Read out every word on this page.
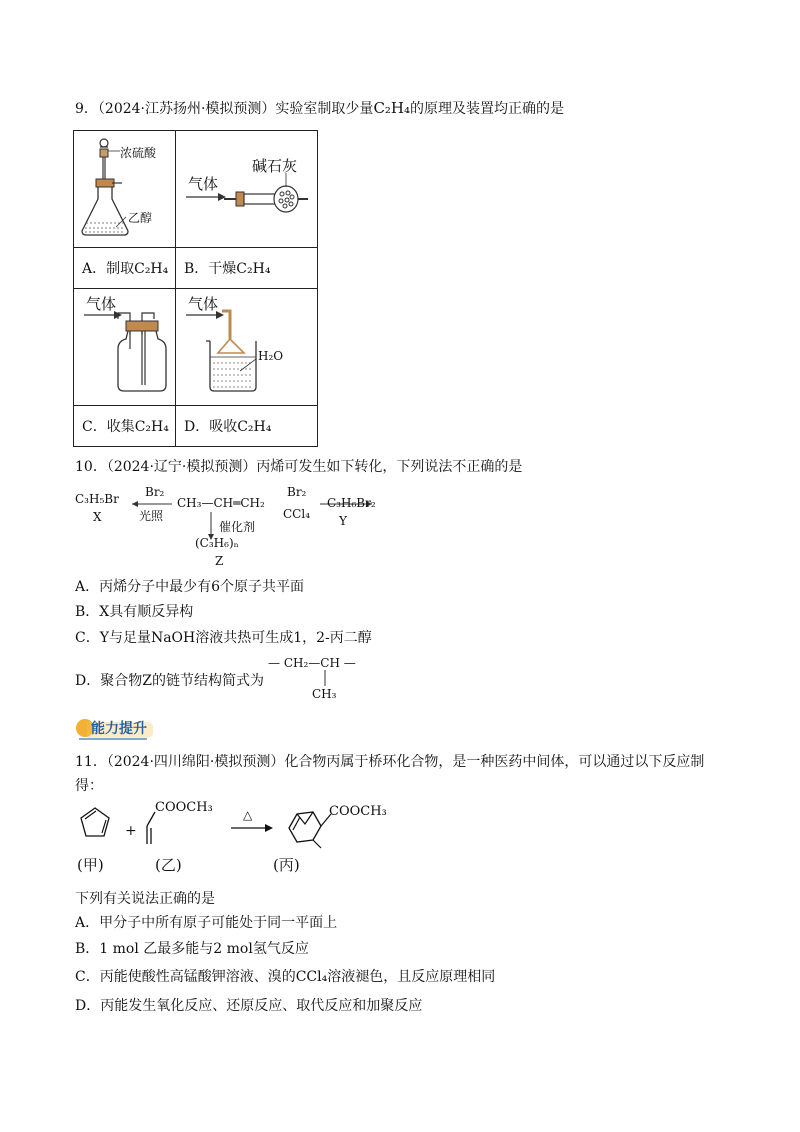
9．（2024·江苏扬州·模拟预测）实验室制取少量C₂H₄的原理及装置均正确的是
浓硫酸
乙醇	碱石灰
气体

A．制取C₂H₄	B．干燥C₂H₄

气体	气体
H₂O

C．收集C₂H₄	D．吸收C₂H₄
10．（2024·辽宁·模拟预测）丙烯可发生如下转化，下列说法不正确的是
C₃H₅Br
X
Br₂
光照
CH₃—CH═CH₂
Br₂
CCl₄
C₃H₆Br₂
Y
催化剂
(C₃H₆)ₙ
Z
A．丙烯分子中最少有6个原子共平面
B．X具有顺反异构
C．Y与足量NaOH溶液共热可生成1，2-丙二醇
D．聚合物Z的链节结构简式为
— CH₂—CH —
CH₃
能力提升
11．（2024·四川绵阳·模拟预测）化合物丙属于桥环化合物，是一种医药中间体，可以通过以下反应制
得：
+
COOCH₃	△	COOCH₃
(甲)	(乙)	(丙)
下列有关说法正确的是
A．甲分子中所有原子可能处于同一平面上
B．1 mol 乙最多能与2 mol氢气反应
C．丙能使酸性高锰酸钾溶液、溴的CCl₄溶液褪色，且反应原理相同
D．丙能发生氧化反应、还原反应、取代反应和加聚反应
